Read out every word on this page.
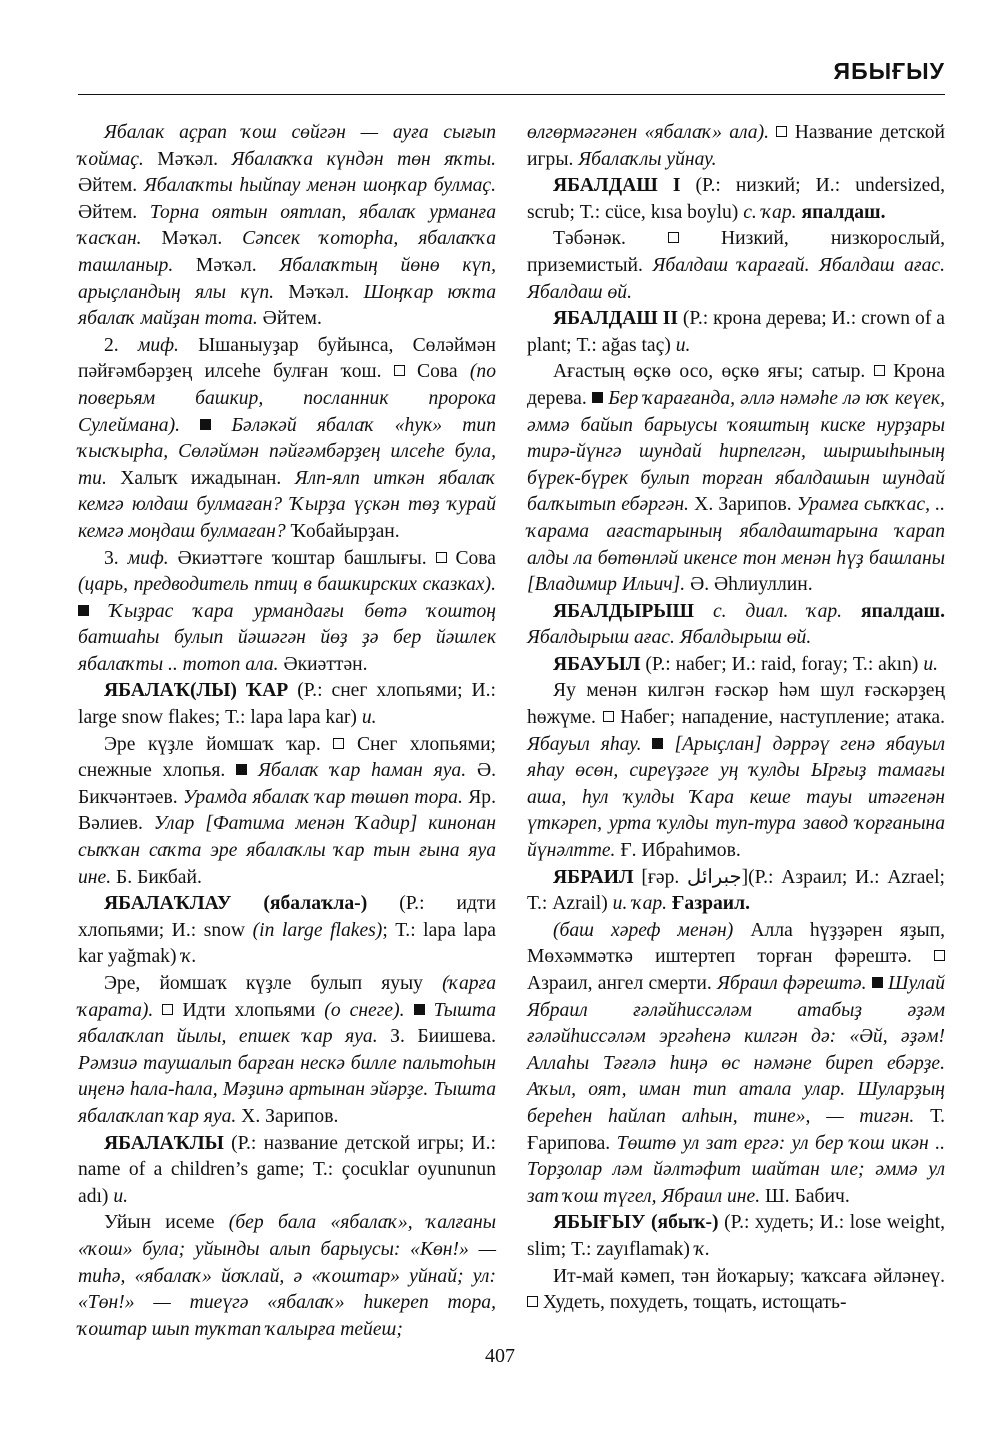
ЯБЫҒЫУ

Ябалак аҫрап ҡош сөйгән — ауға сығып ҡоймаҫ. Мәҡәл. Ябалаҡҡа күндән төн яҡты. Әйтем. Ябалаҡты һыйпау менән шоңҡар булмаҫ. Әйтем. Торна оятын оятлап, ябалаҡ урманға ҡасҡан. Мәҡәл. Сәпсек ҡоторһа, ябалаҡҡа ташланыр. Мәҡәл. Ябалаҡтың йөнө күп, арыҫландың ялы күп. Мәҡәл. Шоңҡар юҡта ябалаҡ майҙан тота. Әйтем.

2. миф. Ышаныуҙар буйынса, Сөләймән пәйғәмбәрҙең илсеһе булған ҡош.  Сова (по поверьям башкир, посланник пророка Сулеймана).	Бәләкәй ябалаҡ «һук» тип ҡысҡырһа, Сөләймән пәйғәмбәрҙең илсеһе була, ти. Халыҡ ижадынан. Ялп-ялп иткән ябалаҡ кемгә юлдаш булмаған? Ҡырҙа үҫкән төҙ ҡурай кемгә моңдаш булмаған? Ҡобайырҙан.

3. миф. Әкиәттәге ҡоштар башлығы.  Сова (царь, предводитель птиц в башкирских сказках).  Ҡыҙрас ҡара урмандағы бөтә ҡоштоң батшаһы булып йәшәгән йөҙ ҙә бер йәшлек ябалаҡты .. тотоп ала. Әкиәттән.

ЯБАЛАҠ(ЛЫ) ҠАР (Р.: снег хлопьями; И.: large snow flakes; Т.: lapa lapa kar) и.

Эре күҙле йомшаҡ ҡар.  Снег хлопьями; снежные хлопья.  Ябалаҡ ҡар һаман яуа. Ә. Бикчәнтәев. Урамда ябалаҡ ҡар төшөп тора. Яр. Вәлиев. Улар [Фатима менән Ҡадир] кинонан сыҡҡан саҡта эре ябалаҡлы ҡар тын ғына яуа ине. Б. Бикбай.

ЯБАЛАҠЛАУ (ябалаҡла-) (Р.: идти хлопьями; И.: snow (in large flakes); Т.: lapa lapa kar yağmak) ҡ.

Эре, йомшаҡ күҙле булып яуыу (ҡарға ҡарата).  Идти хлопьями (о снеге). Тышта ябалаҡлап йылы, епшек ҡар яуа. З. Биишева. Рәмзиә таушалып барған нескә билле пальтоһын иңенә һала-һала, Мәҙинә артынан эйәрҙе. Тышта ябалаҡлап ҡар яуа. Х. Зарипов.

ЯБАЛАҠЛЫ (Р.: название детской игры; И.: name of a children’s game; Т.: çocuklar oyununun adı) и.

Уйын исеме (бер бала «ябалаҡ», ҡалғаны «ҡош» була; уйынды алып барыусы: «Көн!» — тиһә, «ябалаҡ» йоҡлай, ә «ҡоштар» уйнай; ул: «Төн!» — тиеүгә «ябалаҡ» һикереп тора, ҡоштар шып туҡтап ҡалырға тейеш;

өлгөрмәгәнен «ябалаҡ» ала).  Название детской игры. Ябалаҡлы уйнау.

ЯБАЛДАШ I (Р.: низкий; И.: undersized, scrub; Т.: cüce, kısa boylu) с. ҡар. япалдаш.

Тәбәнәк.  Низкий, низкорослый, приземистый. Ябалдаш ҡарағай. Ябалдаш ағас. Ябалдаш өй.

ЯБАЛДАШ II (Р.: крона дерева; И.: crown of a plant; Т.: ağas taç) и.

Ағастың өҫкө осо, өҫкө яғы; сатыр.  Крона дерева.  Бер ҡарағанда, әллә нәмәһе лә юҡ кеүек, әммә байып барыусы ҡояштың киске нурҙары тирә-йүнгә шундай һирпелгән, шыршыһының бүрек-бүрек булып торған ябалдашын шундай балҡытып ебәргән. Х. Зарипов. Урамға сыҡҡас, .. ҡарама ағастарының ябалдаштарына ҡарап алды ла бөтөнләй икенсе тон менән һүҙ башланы [Владимир Ильич]. Ә. Әһлиуллин.

ЯБАЛДЫРЫШ с. диал. ҡар. япалдаш. Ябалдырыш ағас. Ябалдырыш өй.

ЯБАУЫЛ (Р.: набег; И.: raid, foray; Т.: akın) и.

Яу менән килгән ғәскәр һәм шул ғәскәрҙең һөжүме.  Набег; нападение, наступление; атака. Ябауыл яһау. [Арыҫлан] дәррәү генә ябауыл яһау өсөн, сиреүҙәге уң ҡулды Ырғыҙ тамағы аша, һул ҡулды Ҡара кеше тауы итәгенән үткәреп, урта ҡулды туп-тура завод ҡорғанына йүнәлтте. Ғ. Ибраһимов.

ЯБРАИЛ [ғәр. جبرائل](Р.: Азраил; И.: Azrael; Т.: Azrail) и. ҡар. Ғазраил.

(баш хәреф менән) Алла һүҙҙәрен яҙып, Мөхәммәткә иштертеп торған фәрештә.  Азраил, ангел смерти. Ябраил фәрештә. Шулай Ябраил ғәләйһиссәләм атабыҙ әҙәм ғәләйһиссәләм эргәһенә килгән дә: «Әй, әҙәм! Аллаһы Тәғәлә һиңә өс нәмәне биреп ебәрҙе. Аҡыл, оят, иман тип атала улар. Шуларҙың береһен һайлап алһын, тине», — тигән. Т. Ғарипова. Төштө ул зат ергә: ул бер ҡош икән .. Торҙолар ләм йәлтәфит шайтан иле; әммә ул зат ҡош түгел, Ябраил ине. Ш. Бабич.

ЯБЫҒЫУ (ябыҡ-) (Р.: худеть; И.: lose weight, slim; Т.: zayıflamak) ҡ.

Ит-май кәмеп, тән йоҡарыу; ҡаҡсаға әйләнеү.  Худеть, похудеть, тощать, истощать-

407
